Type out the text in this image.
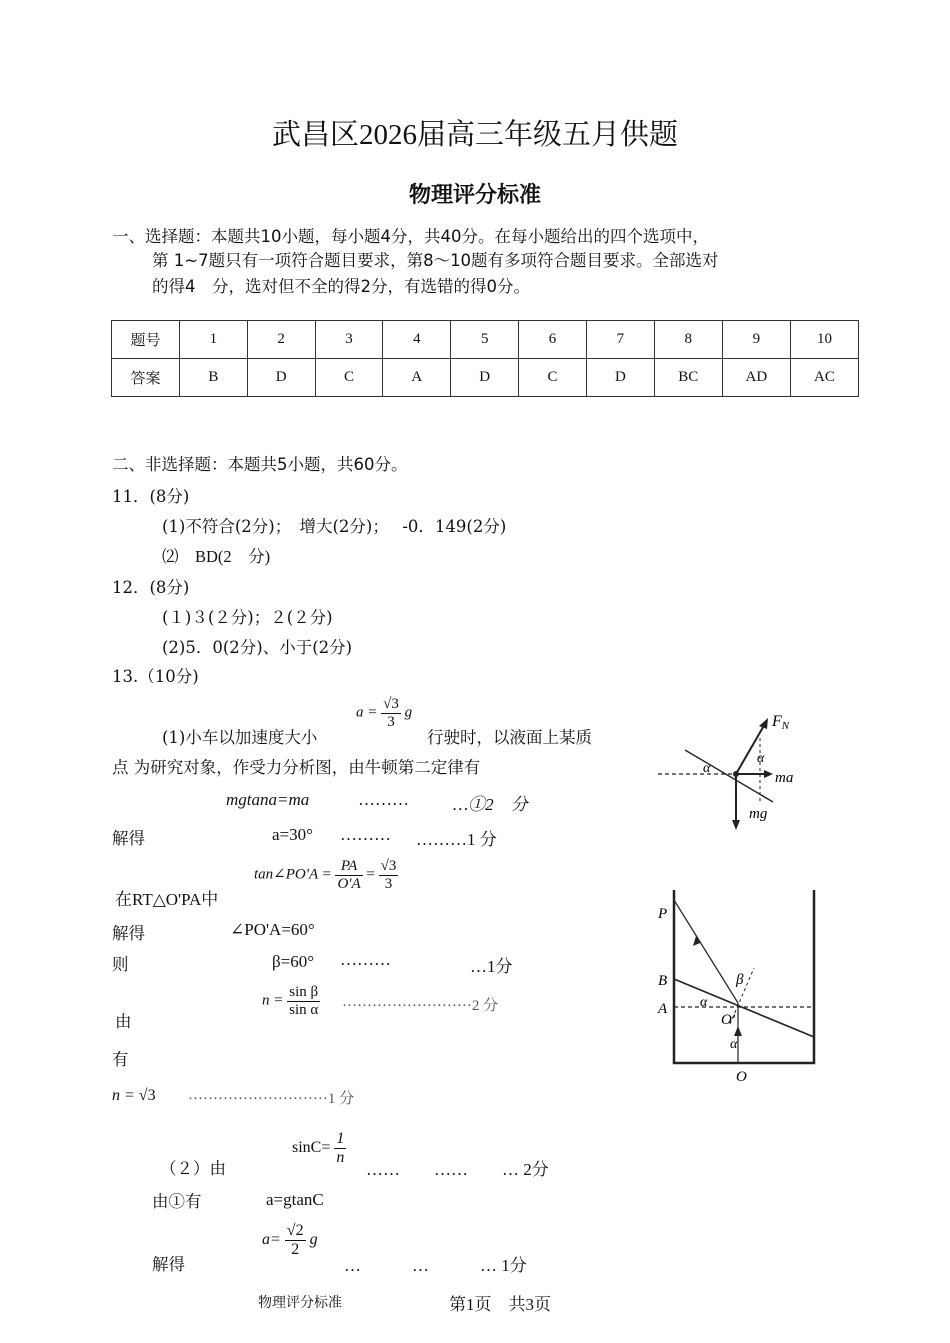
武昌区2026届高三年级五月供题
物理评分标准
一、选择题：本题共10小题，每小题4分，共40分。在每小题给出的四个选项中，
第 1~7题只有一项符合题目要求，第8～10题有多项符合题目要求。全部选对
的得4　分，选对但不全的得2分，有选错的得0分。
题号	1	2	3	4	5	6	7	8	9	10
答案	B	D	C	A	D	C	D	BC	AD	AC
二、非选择题：本题共5小题，共60分。
11．(8分)
(1)不符合(2分)；　增大(2分)；　 -0．149(2分)
⑵　BD(2　分)
12．(8分)
(１)３(２分)；２(２分)
(2)5．0(2分)、小于(2分)
13.（10分)
(1)小车以加速度大小
$a = \frac{√3}{3}$ g
行驶时，以液面上某质
点 为研究对象，作受力分析图，由牛顿第二定律有
mgtana=ma	………	…①2　分
解得	a=30° ……… ………1 分
在RT△O'PA中
tan∠PO'A = $\frac{PA}{O'A} = \frac{√3}{3}$
解得	∠PO'A=60°
则	β=60° ………	…1分
$n = \frac{\text{sin β}}{\text{sin α}} \cdot\cdot\cdot\cdot\cdot\cdot\cdot\cdot\cdot\cdot\cdot\cdot\cdot\cdot\cdot\cdot\cdot\cdot\cdot\cdot\cdot\cdot\cdot\cdot\cdot\cdot 2$ 分
由
有
n = √3 ····························1 分
（２）由
$\sin C= \frac{1}{n}$
……　　……　　… 2分
由①有	a=gtanC
解得
$a= \frac{√2}{2}$ g
…　　　…　　　… 1分
FN
α
α
ma
mg
P
B
A
O
O'
α
α
β
物理评分标准	第1页　共3页
